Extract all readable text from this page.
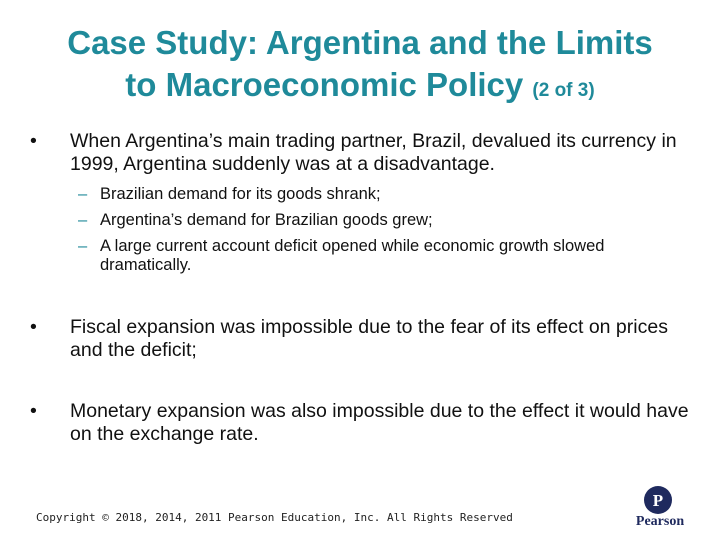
Case Study: Argentina and the Limits
to Macroeconomic Policy (2 of 3)
• When Argentina’s main trading partner, Brazil, devalued its currency in 1999, Argentina suddenly was at a disadvantage.
– Brazilian demand for its goods shrank;
– Argentina’s demand for Brazilian goods grew;
– A large current account deficit opened while economic growth slowed dramatically.
• Fiscal expansion was impossible due to the fear of its effect on prices and the deficit;
• Monetary expansion was also impossible due to the effect it would have on the exchange rate.
Copyright © 2018, 2014, 2011 Pearson Education, Inc. All Rights Reserved
P
Pearson
